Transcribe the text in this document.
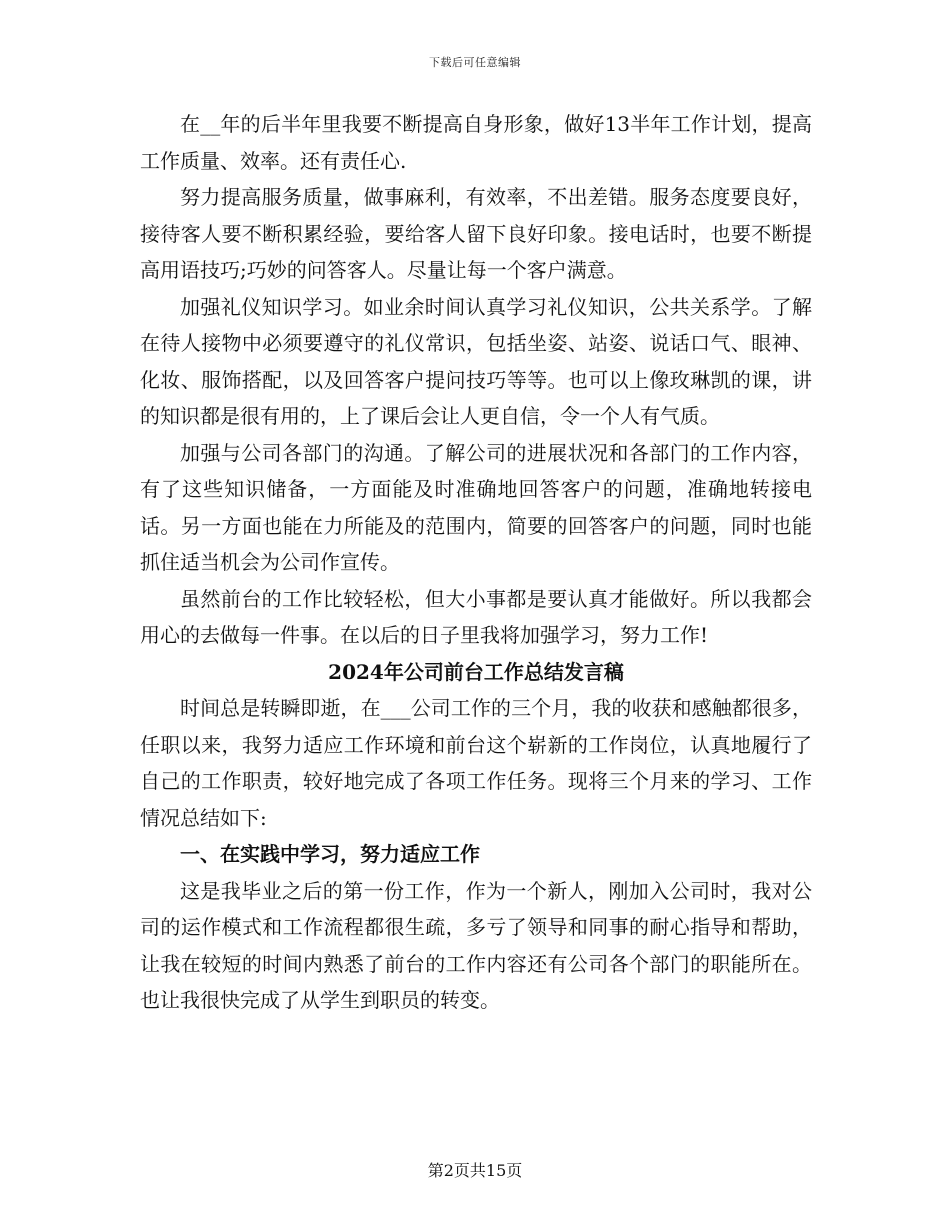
下载后可任意编辑

在__年的后半年里我要不断提高自身形象，做好13半年工作计划，提高工作质量、效率。还有责任心.

努力提高服务质量，做事麻利，有效率，不出差错。服务态度要良好，接待客人要不断积累经验，要给客人留下良好印象。接电话时，也要不断提高用语技巧;巧妙的问答客人。尽量让每一个客户满意。

加强礼仪知识学习。如业余时间认真学习礼仪知识，公共关系学。了解在待人接物中必须要遵守的礼仪常识，包括坐姿、站姿、说话口气、眼神、化妆、服饰搭配，以及回答客户提问技巧等等。也可以上像玫琳凯的课，讲的知识都是很有用的，上了课后会让人更自信，令一个人有气质。

加强与公司各部门的沟通。了解公司的进展状况和各部门的工作内容，有了这些知识储备，一方面能及时准确地回答客户的问题，准确地转接电话。另一方面也能在力所能及的范围内，简要的回答客户的问题，同时也能抓住适当机会为公司作宣传。

虽然前台的工作比较轻松，但大小事都是要认真才能做好。所以我都会用心的去做每一件事。在以后的日子里我将加强学习，努力工作!

2024年公司前台工作总结发言稿

时间总是转瞬即逝，在___公司工作的三个月，我的收获和感触都很多，任职以来，我努力适应工作环境和前台这个崭新的工作岗位，认真地履行了自己的工作职责，较好地完成了各项工作任务。现将三个月来的学习、工作情况总结如下:

一、在实践中学习，努力适应工作

这是我毕业之后的第一份工作，作为一个新人，刚加入公司时，我对公司的运作模式和工作流程都很生疏，多亏了领导和同事的耐心指导和帮助，让我在较短的时间内熟悉了前台的工作内容还有公司各个部门的职能所在。也让我很快完成了从学生到职员的转变。

第2页共15页
